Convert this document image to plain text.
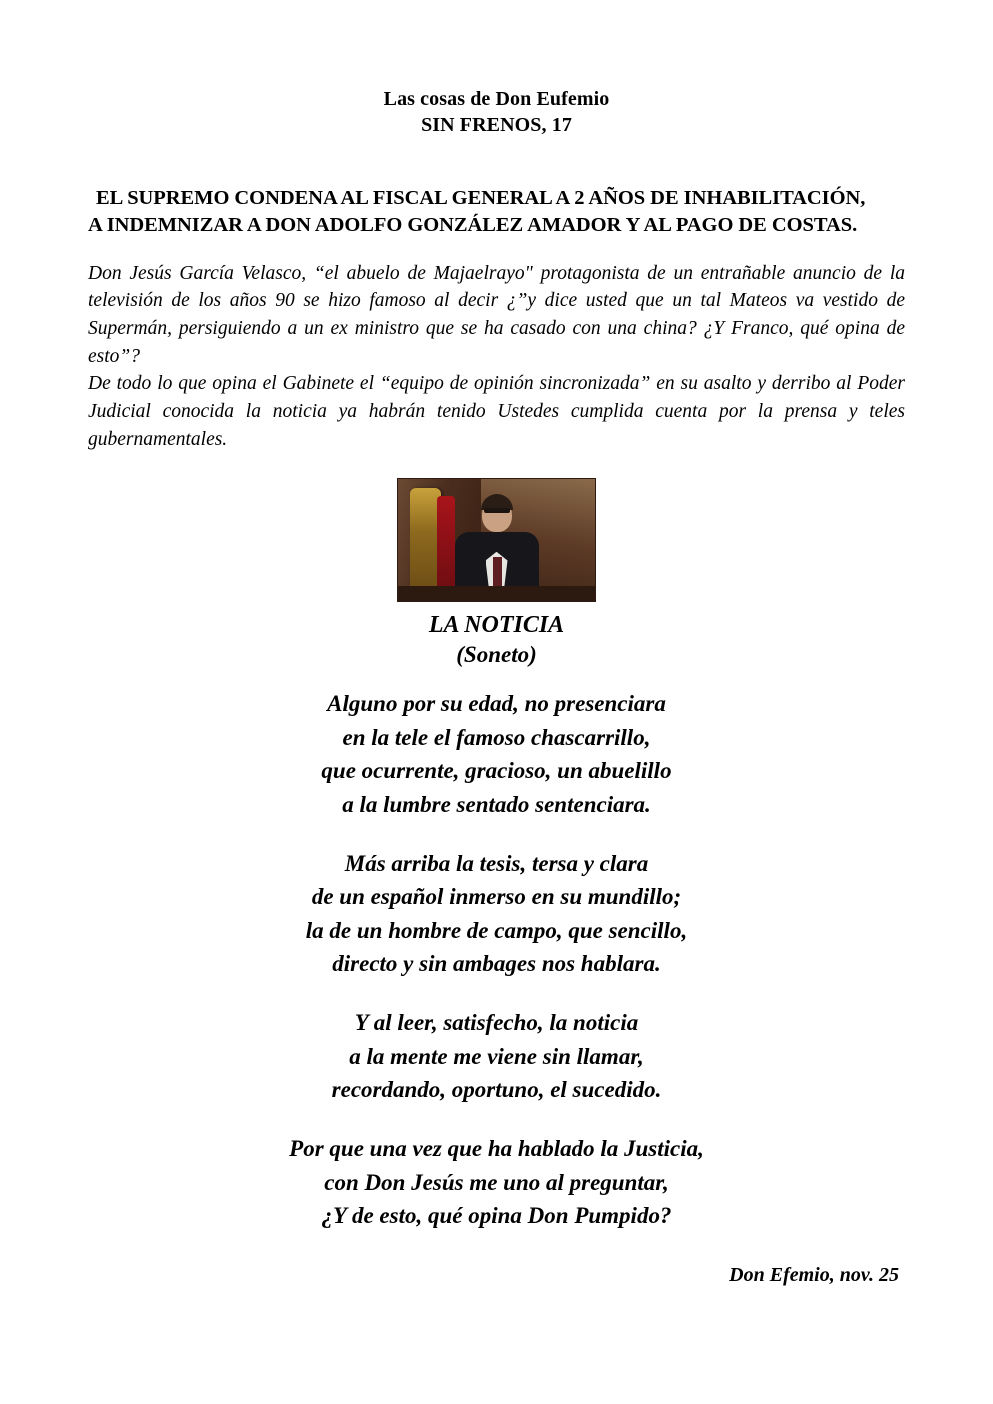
Las cosas de Don Eufemio
SIN FRENOS, 17
EL SUPREMO CONDENA AL FISCAL GENERAL A 2 AÑOS DE INHABILITACIÓN,
A INDEMNIZAR A DON ADOLFO GONZÁLEZ AMADOR Y AL PAGO DE COSTAS.

Don Jesús García Velasco, “el abuelo de Majaelrayo" protagonista de un entrañable anuncio de la televisión de los años 90 se hizo famoso al decir ¿”y dice usted que un tal Mateos va vestido de Supermán, persiguiendo a un ex ministro que se ha casado con una china? ¿Y Franco, qué opina de esto”?

De todo lo que opina el Gabinete el “equipo de opinión sincronizada” en su asalto y derribo al Poder Judicial conocida la noticia ya habrán tenido Ustedes cumplida cuenta por la prensa y teles gubernamentales.

LA NOTICIA
(Soneto)
Alguno por su edad, no presenciara
en la tele el famoso chascarrillo,
que ocurrente, gracioso, un abuelillo
a la lumbre sentado sentenciara.
Más arriba la tesis, tersa y clara
de un español inmerso en su mundillo;
la de un hombre de campo, que sencillo,
directo y sin ambages nos hablara.
Y al leer, satisfecho, la noticia
a la mente me viene sin llamar,
recordando, oportuno, el sucedido.
Por que una vez que ha hablado la Justicia,
con Don Jesús me uno al preguntar,
¿Y de esto, qué opina Don Pumpido?
Don Efemio, nov. 25
